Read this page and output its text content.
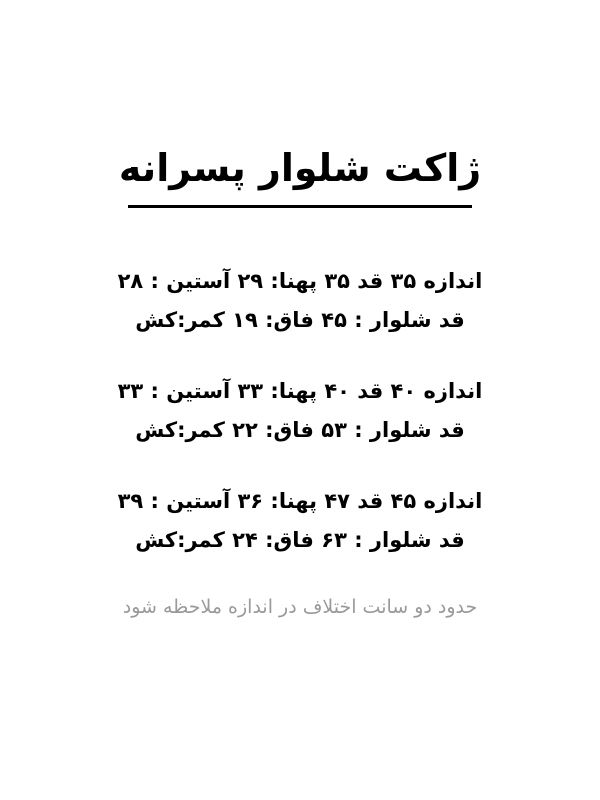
ژاکت شلوار پسرانه
اندازه ۳۵ قد ۳۵ پهنا: ۲۹ آستین : ۲۸
قد شلوار : ۴۵ فاق: ۱۹ کمر:کش
اندازه ۴۰ قد ۴۰ پهنا: ۳۳ آستین : ۳۳
قد شلوار : ۵۳ فاق: ۲۲ کمر:کش
اندازه ۴۵ قد ۴۷ پهنا: ۳۶ آستین : ۳۹
قد شلوار : ۶۳ فاق: ۲۴ کمر:کش
حدود دو سانت اختلاف در اندازه ملاحظه شود
